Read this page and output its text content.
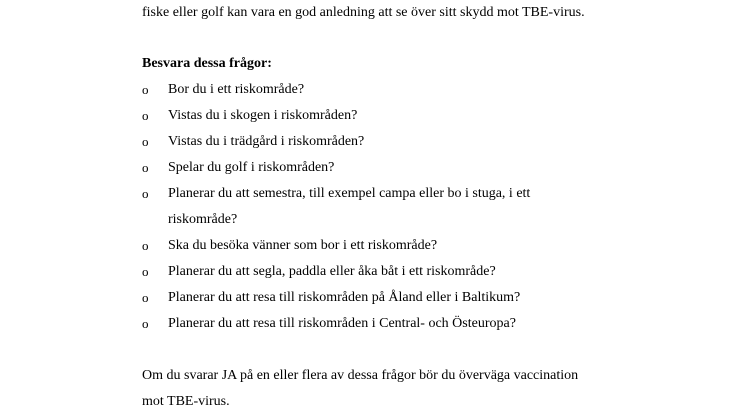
fiske eller golf kan vara en god anledning att se över sitt skydd mot TBE-virus.
Besvara dessa frågor:
o	Bor du i ett riskområde?
o	Vistas du i skogen i riskområden?
o	Vistas du i trädgård i riskområden?
o	Spelar du golf i riskområden?
o	Planerar du att semestra, till exempel campa eller bo i stuga, i ett riskområde?
o	Ska du besöka vänner som bor i ett riskområde?
o	Planerar du att segla, paddla eller åka båt i ett riskområde?
o	Planerar du att resa till riskområden på Åland eller i Baltikum?
o	Planerar du att resa till riskområden i Central- och Östeuropa?
Om du svarar JA på en eller flera av dessa frågor bör du överväga vaccination
mot TBE-virus.
